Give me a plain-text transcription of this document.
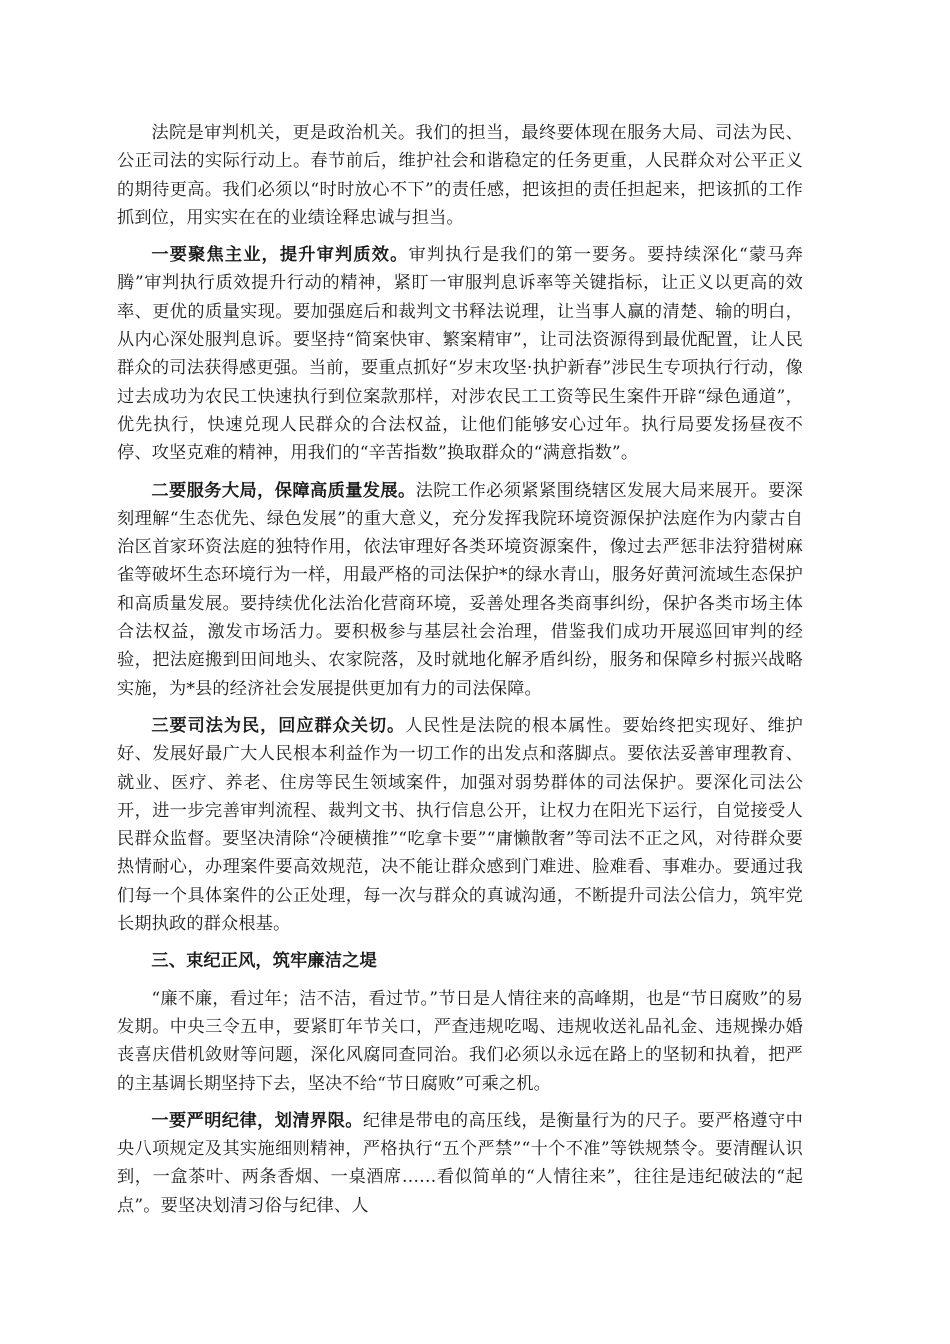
法院是审判机关，更是政治机关。我们的担当，最终要体现在服务大局、司法为民、公正司法的实际行动上。春节前后，维护社会和谐稳定的任务更重，人民群众对公平正义的期待更高。我们必须以“时时放心不下”的责任感，把该担的责任担起来，把该抓的工作抓到位，用实实在在的业绩诠释忠诚与担当。

一要聚焦主业，提升审判质效。审判执行是我们的第一要务。要持续深化“蒙马奔腾”审判执行质效提升行动的精神，紧盯一审服判息诉率等关键指标，让正义以更高的效率、更优的质量实现。要加强庭后和裁判文书释法说理，让当事人赢的清楚、输的明白，从内心深处服判息诉。要坚持“简案快审、繁案精审”，让司法资源得到最优配置，让人民群众的司法获得感更强。当前，要重点抓好“岁末攻坚·执护新春”涉民生专项执行行动，像过去成功为农民工快速执行到位案款那样，对涉农民工工资等民生案件开辟“绿色通道”，优先执行，快速兑现人民群众的合法权益，让他们能够安心过年。执行局要发扬昼夜不停、攻坚克难的精神，用我们的“辛苦指数”换取群众的“满意指数”。

二要服务大局，保障高质量发展。法院工作必须紧紧围绕辖区发展大局来展开。要深刻理解“生态优先、绿色发展”的重大意义，充分发挥我院环境资源保护法庭作为内蒙古自治区首家环资法庭的独特作用，依法审理好各类环境资源案件，像过去严惩非法狩猎树麻雀等破坏生态环境行为一样，用最严格的司法保护*的绿水青山，服务好黄河流域生态保护和高质量发展。要持续优化法治化营商环境，妥善处理各类商事纠纷，保护各类市场主体合法权益，激发市场活力。要积极参与基层社会治理，借鉴我们成功开展巡回审判的经验，把法庭搬到田间地头、农家院落，及时就地化解矛盾纠纷，服务和保障乡村振兴战略实施，为*县的经济社会发展提供更加有力的司法保障。

三要司法为民，回应群众关切。人民性是法院的根本属性。要始终把实现好、维护好、发展好最广大人民根本利益作为一切工作的出发点和落脚点。要依法妥善审理教育、就业、医疗、养老、住房等民生领域案件，加强对弱势群体的司法保护。要深化司法公开，进一步完善审判流程、裁判文书、执行信息公开，让权力在阳光下运行，自觉接受人民群众监督。要坚决清除“冷硬横推”“吃拿卡要”“庸懒散奢”等司法不正之风，对待群众要热情耐心，办理案件要高效规范，决不能让群众感到门难进、脸难看、事难办。要通过我们每一个具体案件的公正处理，每一次与群众的真诚沟通，不断提升司法公信力，筑牢党长期执政的群众根基。

三、束纪正风，筑牢廉洁之堤

“廉不廉，看过年；洁不洁，看过节。”节日是人情往来的高峰期，也是“节日腐败”的易发期。中央三令五申，要紧盯年节关口，严查违规吃喝、违规收送礼品礼金、违规操办婚丧喜庆借机敛财等问题，深化风腐同查同治。我们必须以永远在路上的坚韧和执着，把严的主基调长期坚持下去，坚决不给“节日腐败”可乘之机。

一要严明纪律，划清界限。纪律是带电的高压线，是衡量行为的尺子。要严格遵守中央八项规定及其实施细则精神，严格执行“五个严禁”“十个不准”等铁规禁令。要清醒认识到，一盒茶叶、两条香烟、一桌酒席……看似简单的“人情往来”，往往是违纪破法的“起点”。要坚决划清习俗与纪律、人
